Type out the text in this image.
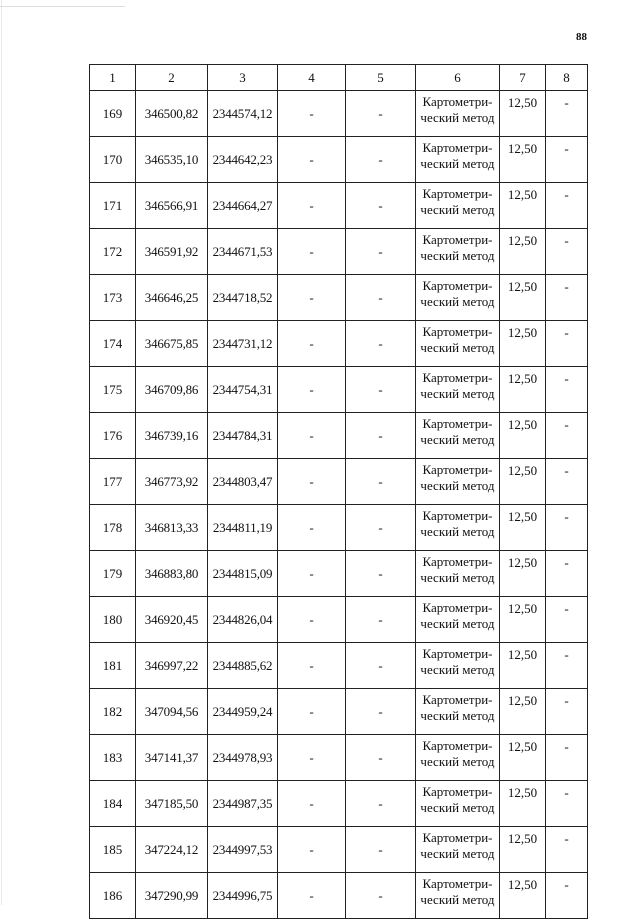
88
1	2	3	4	5	6	7	8
169	346500,82	2344574,12	-	-	Картометри-
ческий метод	12,50	-
170	346535,10	2344642,23	-	-	Картометри-
ческий метод	12,50	-
171	346566,91	2344664,27	-	-	Картометри-
ческий метод	12,50	-
172	346591,92	2344671,53	-	-	Картометри-
ческий метод	12,50	-
173	346646,25	2344718,52	-	-	Картометри-
ческий метод	12,50	-
174	346675,85	2344731,12	-	-	Картометри-
ческий метод	12,50	-
175	346709,86	2344754,31	-	-	Картометри-
ческий метод	12,50	-
176	346739,16	2344784,31	-	-	Картометри-
ческий метод	12,50	-
177	346773,92	2344803,47	-	-	Картометри-
ческий метод	12,50	-
178	346813,33	2344811,19	-	-	Картометри-
ческий метод	12,50	-
179	346883,80	2344815,09	-	-	Картометри-
ческий метод	12,50	-
180	346920,45	2344826,04	-	-	Картометри-
ческий метод	12,50	-
181	346997,22	2344885,62	-	-	Картометри-
ческий метод	12,50	-
182	347094,56	2344959,24	-	-	Картометри-
ческий метод	12,50	-
183	347141,37	2344978,93	-	-	Картометри-
ческий метод	12,50	-
184	347185,50	2344987,35	-	-	Картометри-
ческий метод	12,50	-
185	347224,12	2344997,53	-	-	Картометри-
ческий метод	12,50	-
186	347290,99	2344996,75	-	-	Картометри-
ческий метод	12,50	-
